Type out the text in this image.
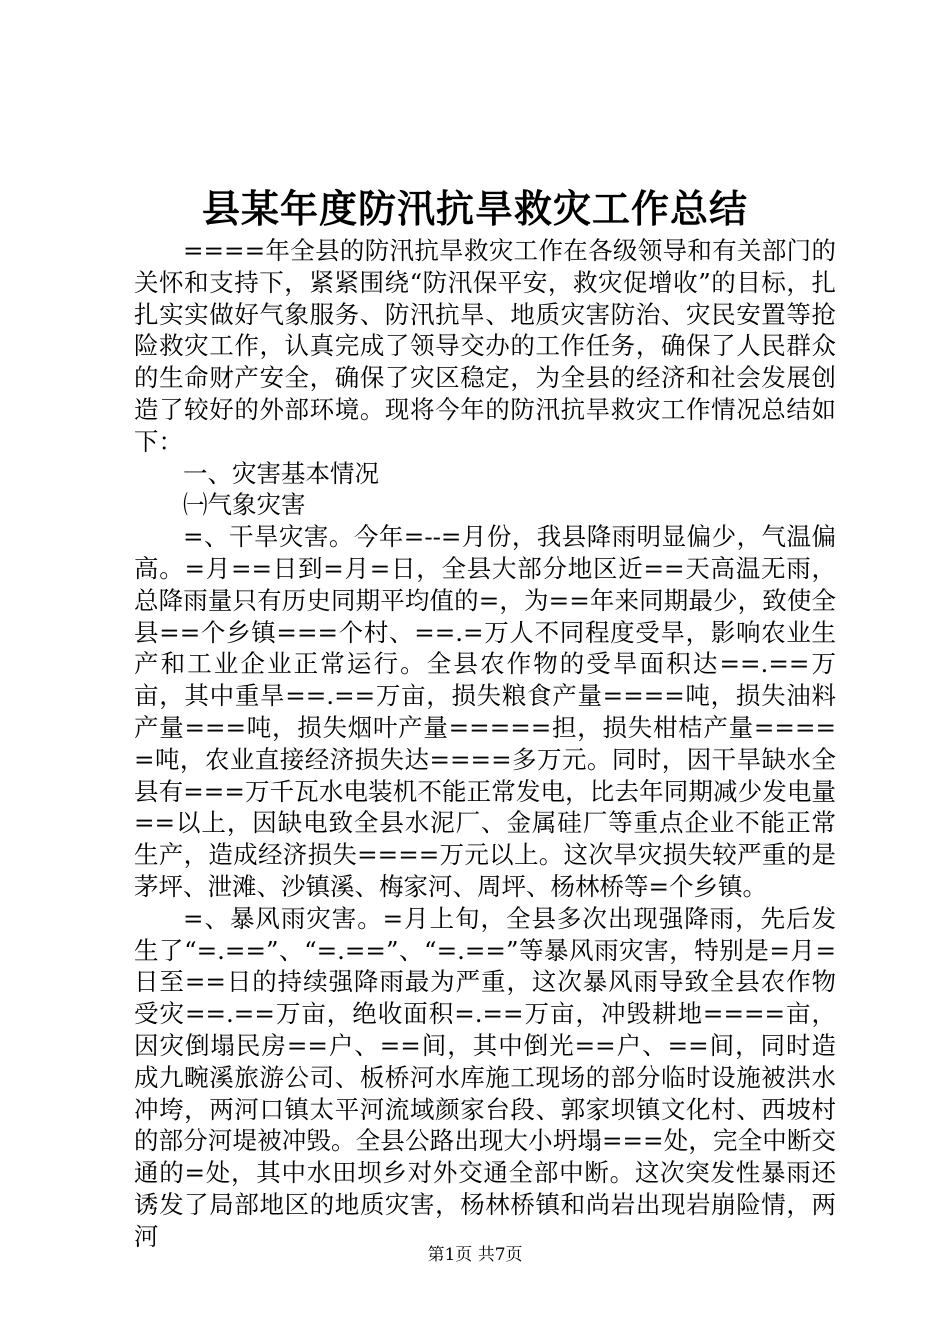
县某年度防汛抗旱救灾工作总结

====年全县的防汛抗旱救灾工作在各级领导和有关部门的关怀和支持下，紧紧围绕“防汛保平安，救灾促增收”的目标，扎扎实实做好气象服务、防汛抗旱、地质灾害防治、灾民安置等抢险救灾工作，认真完成了领导交办的工作任务，确保了人民群众的生命财产安全，确保了灾区稳定，为全县的经济和社会发展创造了较好的外部环境。现将今年的防汛抗旱救灾工作情况总结如下：

一、灾害基本情况

㈠气象灾害

=、干旱灾害。今年=--=月份，我县降雨明显偏少，气温偏高。=月==日到=月=日，全县大部分地区近==天高温无雨，总降雨量只有历史同期平均值的=，为==年来同期最少，致使全县==个乡镇===个村、==.=万人不同程度受旱，影响农业生产和工业企业正常运行。全县农作物的受旱面积达==.==万亩，其中重旱==.==万亩，损失粮食产量====吨，损失油料产量===吨，损失烟叶产量=====担，损失柑桔产量=====吨，农业直接经济损失达====多万元。同时，因干旱缺水全县有===万千瓦水电装机不能正常发电，比去年同期减少发电量==以上，因缺电致全县水泥厂、金属硅厂等重点企业不能正常生产，造成经济损失====万元以上。这次旱灾损失较严重的是茅坪、泄滩、沙镇溪、梅家河、周坪、杨林桥等=个乡镇。

=、暴风雨灾害。=月上旬，全县多次出现强降雨，先后发生了“=.==”、“=.==”、“=.==”等暴风雨灾害，特别是=月=日至==日的持续强降雨最为严重，这次暴风雨导致全县农作物受灾==.==万亩，绝收面积=.==万亩，冲毁耕地====亩，因灾倒塌民房==户、==间，其中倒光==户、==间，同时造成九畹溪旅游公司、板桥河水库施工现场的部分临时设施被洪水冲垮，两河口镇太平河流域颜家台段、郭家坝镇文化村、西坡村的部分河堤被冲毁。全县公路出现大小坍塌===处，完全中断交通的=处，其中水田坝乡对外交通全部中断。这次突发性暴雨还诱发了局部地区的地质灾害，杨林桥镇和尚岩出现岩崩险情，两河

第1页 共7页
